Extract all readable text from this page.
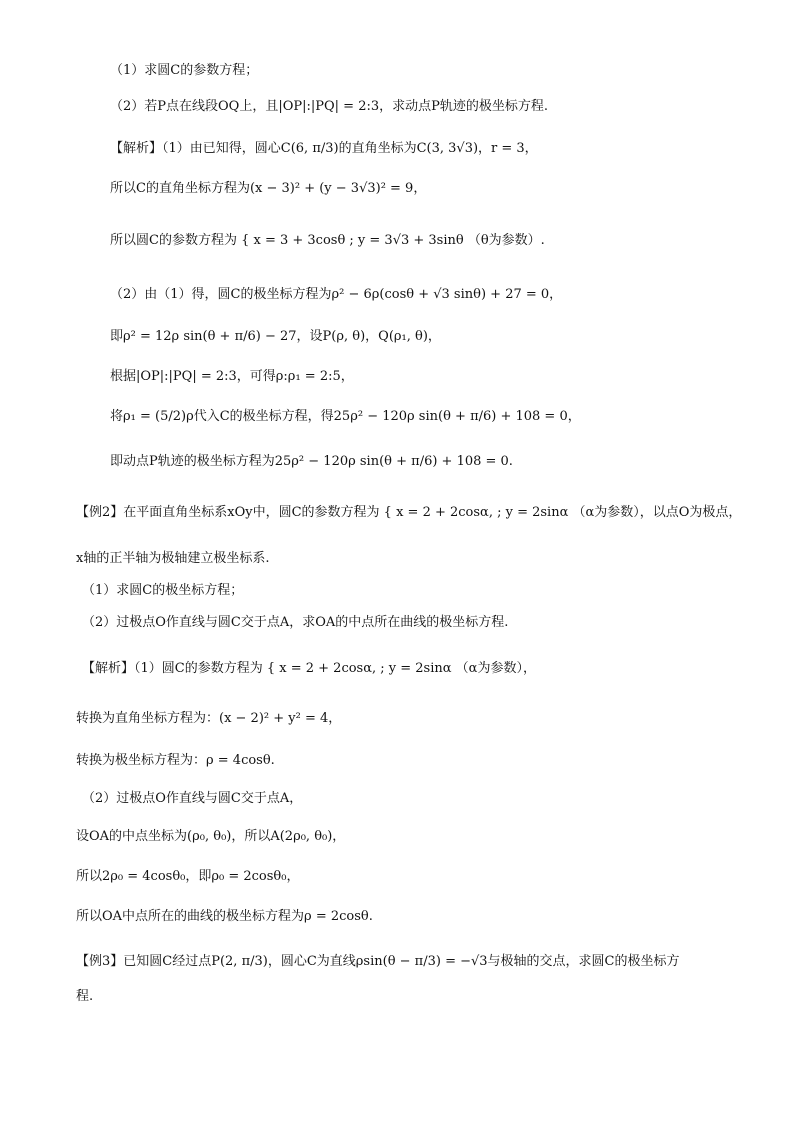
（1）求圆C的参数方程；
（2）若P点在线段OQ上，且|OP|:|PQ| = 2:3，求动点P轨迹的极坐标方程.
【解析】（1）由已知得，圆心C(6, π/3)的直角坐标为C(3, 3√3)，r = 3，
所以C的直角坐标方程为(x − 3)² + (y − 3√3)² = 9，
所以圆C的参数方程为 { x = 3 + 3cosθ ; y = 3√3 + 3sinθ （θ为参数）.
（2）由（1）得，圆C的极坐标方程为ρ² − 6ρ(cosθ + √3 sinθ) + 27 = 0，
即ρ² = 12ρ sin(θ + π/6) − 27，设P(ρ, θ)，Q(ρ₁, θ)，
根据|OP|:|PQ| = 2:3，可得ρ:ρ₁ = 2:5，
将ρ₁ = (5/2)ρ代入C的极坐标方程，得25ρ² − 120ρ sin(θ + π/6) + 108 = 0，
即动点P轨迹的极坐标方程为25ρ² − 120ρ sin(θ + π/6) + 108 = 0.
【例2】在平面直角坐标系xOy中，圆C的参数方程为 { x = 2 + 2cosα, ; y = 2sinα （α为参数），以点O为极点，
x轴的正半轴为极轴建立极坐标系.
（1）求圆C的极坐标方程；
（2）过极点O作直线与圆C交于点A，求OA的中点所在曲线的极坐标方程.
【解析】（1）圆C的参数方程为 { x = 2 + 2cosα, ; y = 2sinα （α为参数），
转换为直角坐标方程为：(x − 2)² + y² = 4，
转换为极坐标方程为：ρ = 4cosθ.
（2）过极点O作直线与圆C交于点A，
设OA的中点坐标为(ρ₀, θ₀)，所以A(2ρ₀, θ₀)，
所以2ρ₀ = 4cosθ₀，即ρ₀ = 2cosθ₀，
所以OA中点所在的曲线的极坐标方程为ρ = 2cosθ.
【例3】已知圆C经过点P(2, π/3)，圆心C为直线ρsin(θ − π/3) = −√3与极轴的交点，求圆C的极坐标方
程.
